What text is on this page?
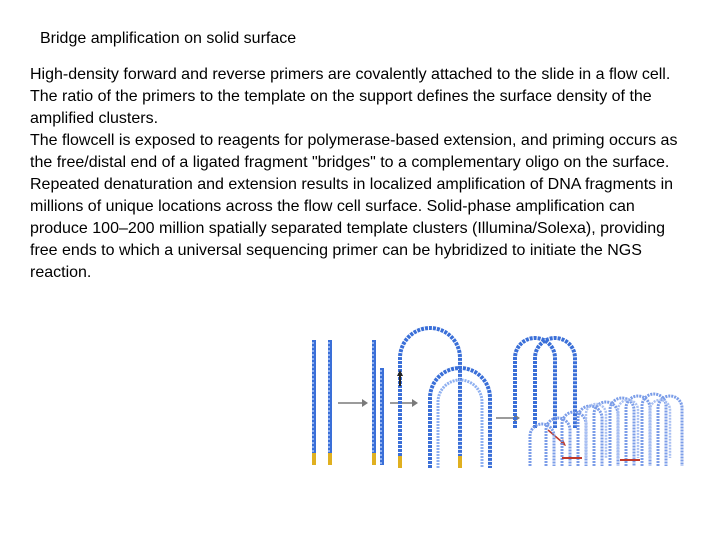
Bridge amplification on solid surface

High-density forward and reverse primers are covalently attached to the slide in a flow cell. The ratio of the primers to the template on the support defines the surface density of the amplified clusters.

The flowcell is exposed to reagents for polymerase-based extension, and priming occurs as the free/distal end of a ligated fragment "bridges" to a complementary oligo on the surface.

Repeated denaturation and extension results in localized amplification of DNA fragments in millions of unique locations across the flow cell surface. Solid-phase amplification can produce 100–200 million spatially separated template clusters (Illumina/Solexa), providing free ends to which a universal sequencing primer can be hybridized to initiate the NGS reaction.
